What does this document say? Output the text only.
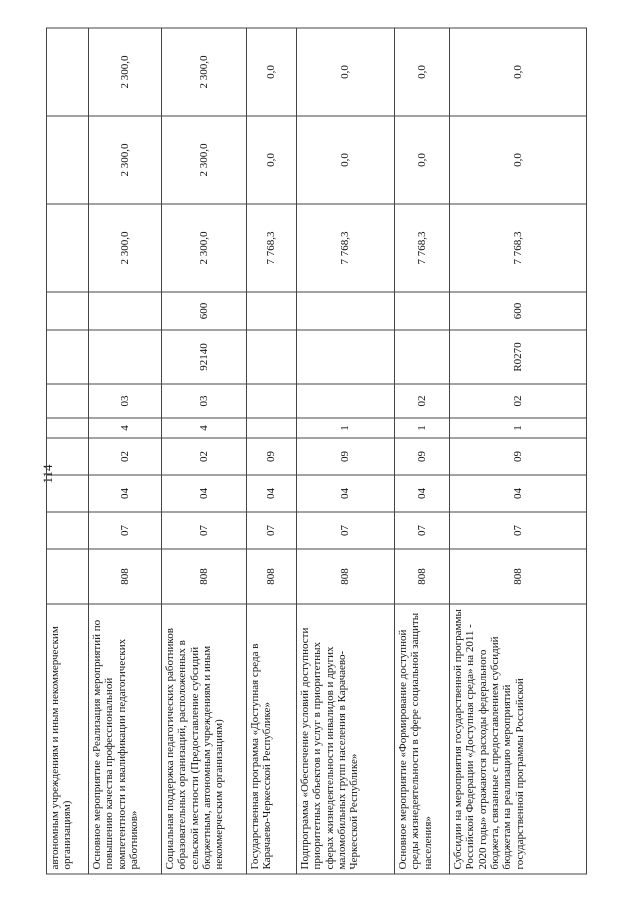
114
автономным учреждениям и иным некоммерческим организациям)											
Основное мероприятие «Реализация мероприятий по повышению качества профессиональной компетентности и квалификации педагогических работников»	808	07	04	02	4	03			2 300,0	2 300,0	2 300,0
Социальная поддержка педагогических работников образовательных организаций, расположенных в сельской местности (Предоставление субсидий бюджетным, автономным учреждениям и иным некоммерческим организациям)	808	07	04	02	4	03	92140	600	2 300,0	2 300,0	2 300,0
Государственная программа «Доступная среда в Карачаево-Черкесской Республике»	808	07	04	09					7 768,3	0,0	0,0
Подпрограмма «Обеспечение условий доступности приоритетных объектов и услуг в приоритетных сферах жизнедеятельности инвалидов и других маломобильных групп населения в Карачаево-Черкесской Республике»	808	07	04	09	1				7 768,3	0,0	0,0
Основное мероприятие «Формирование доступной среды жизнедеятельности в сфере социальной защиты населения»	808	07	04	09	1	02			7 768,3	0,0	0,0
Субсидии на мероприятия государственной программы Российской Федерации «Доступная среда» на 2011 - 2020 годы» отражаются расходы федерального бюджета, связанные с предоставлением субсидий бюджетам на реализацию мероприятий государственной программы Российской	808	07	04	09	1	02	R0270	600	7 768,3	0,0	0,0
